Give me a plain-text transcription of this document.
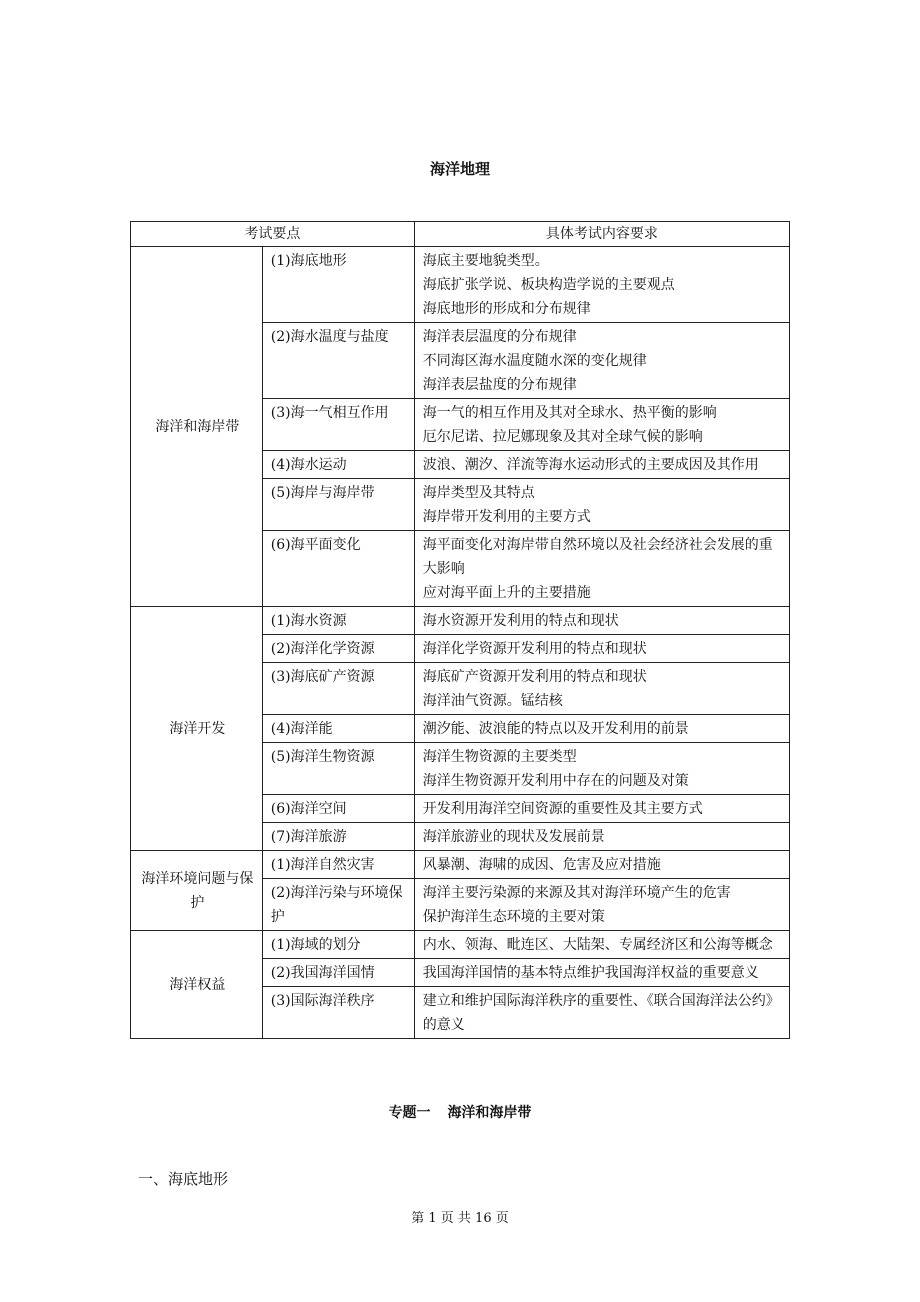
海洋地理
考试要点		具体考试内容要求
海洋和海岸带	(1)海底地形	海底主要地貌类型。
海底扩张学说、板块构造学说的主要观点
海底地形的形成和分布规律

	(2)海水温度与盐度	海洋表层温度的分布规律
不同海区海水温度随水深的变化规律
海洋表层盐度的分布规律

	(3)海一气相互作用	海一气的相互作用及其对全球水、热平衡的影响
厄尔尼诺、拉尼娜现象及其对全球气候的影响

	(4)海水运动	波浪、潮汐、洋流等海水运动形式的主要成因及其作用

	(5)海岸与海岸带	海岸类型及其特点
海岸带开发利用的主要方式

	(6)海平面变化	海平面变化对海岸带自然环境以及社会经济社会发展的重大影响
应对海平面上升的主要措施

海洋开发	(1)海水资源	海水资源开发利用的特点和现状

	(2)海洋化学资源	海洋化学资源开发利用的特点和现状

	(3)海底矿产资源	海底矿产资源开发利用的特点和现状
海洋油气资源。锰结核

	(4)海洋能	潮汐能、波浪能的特点以及开发利用的前景

	(5)海洋生物资源	海洋生物资源的主要类型
海洋生物资源开发利用中存在的问题及对策

	(6)海洋空间	开发利用海洋空间资源的重要性及其主要方式

	(7)海洋旅游	海洋旅游业的现状及发展前景

海洋环境问题与保护	(1)海洋自然灾害	风暴潮、海啸的成因、危害及应对措施

	(2)海洋污染与环境保护	海洋主要污染源的来源及其对海洋环境产生的危害
保护海洋生态环境的主要对策

海洋权益	(1)海域的划分	内水、领海、毗连区、大陆架、专属经济区和公海等概念

	(2)我国海洋国情	我国海洋国情的基本特点维护我国海洋权益的重要意义

	(3)国际海洋秩序	建立和维护国际海洋秩序的重要性、《联合国海洋法公约》的意义
专题一 海洋和海岸带
一、海底地形
第 1 页 共 16 页
